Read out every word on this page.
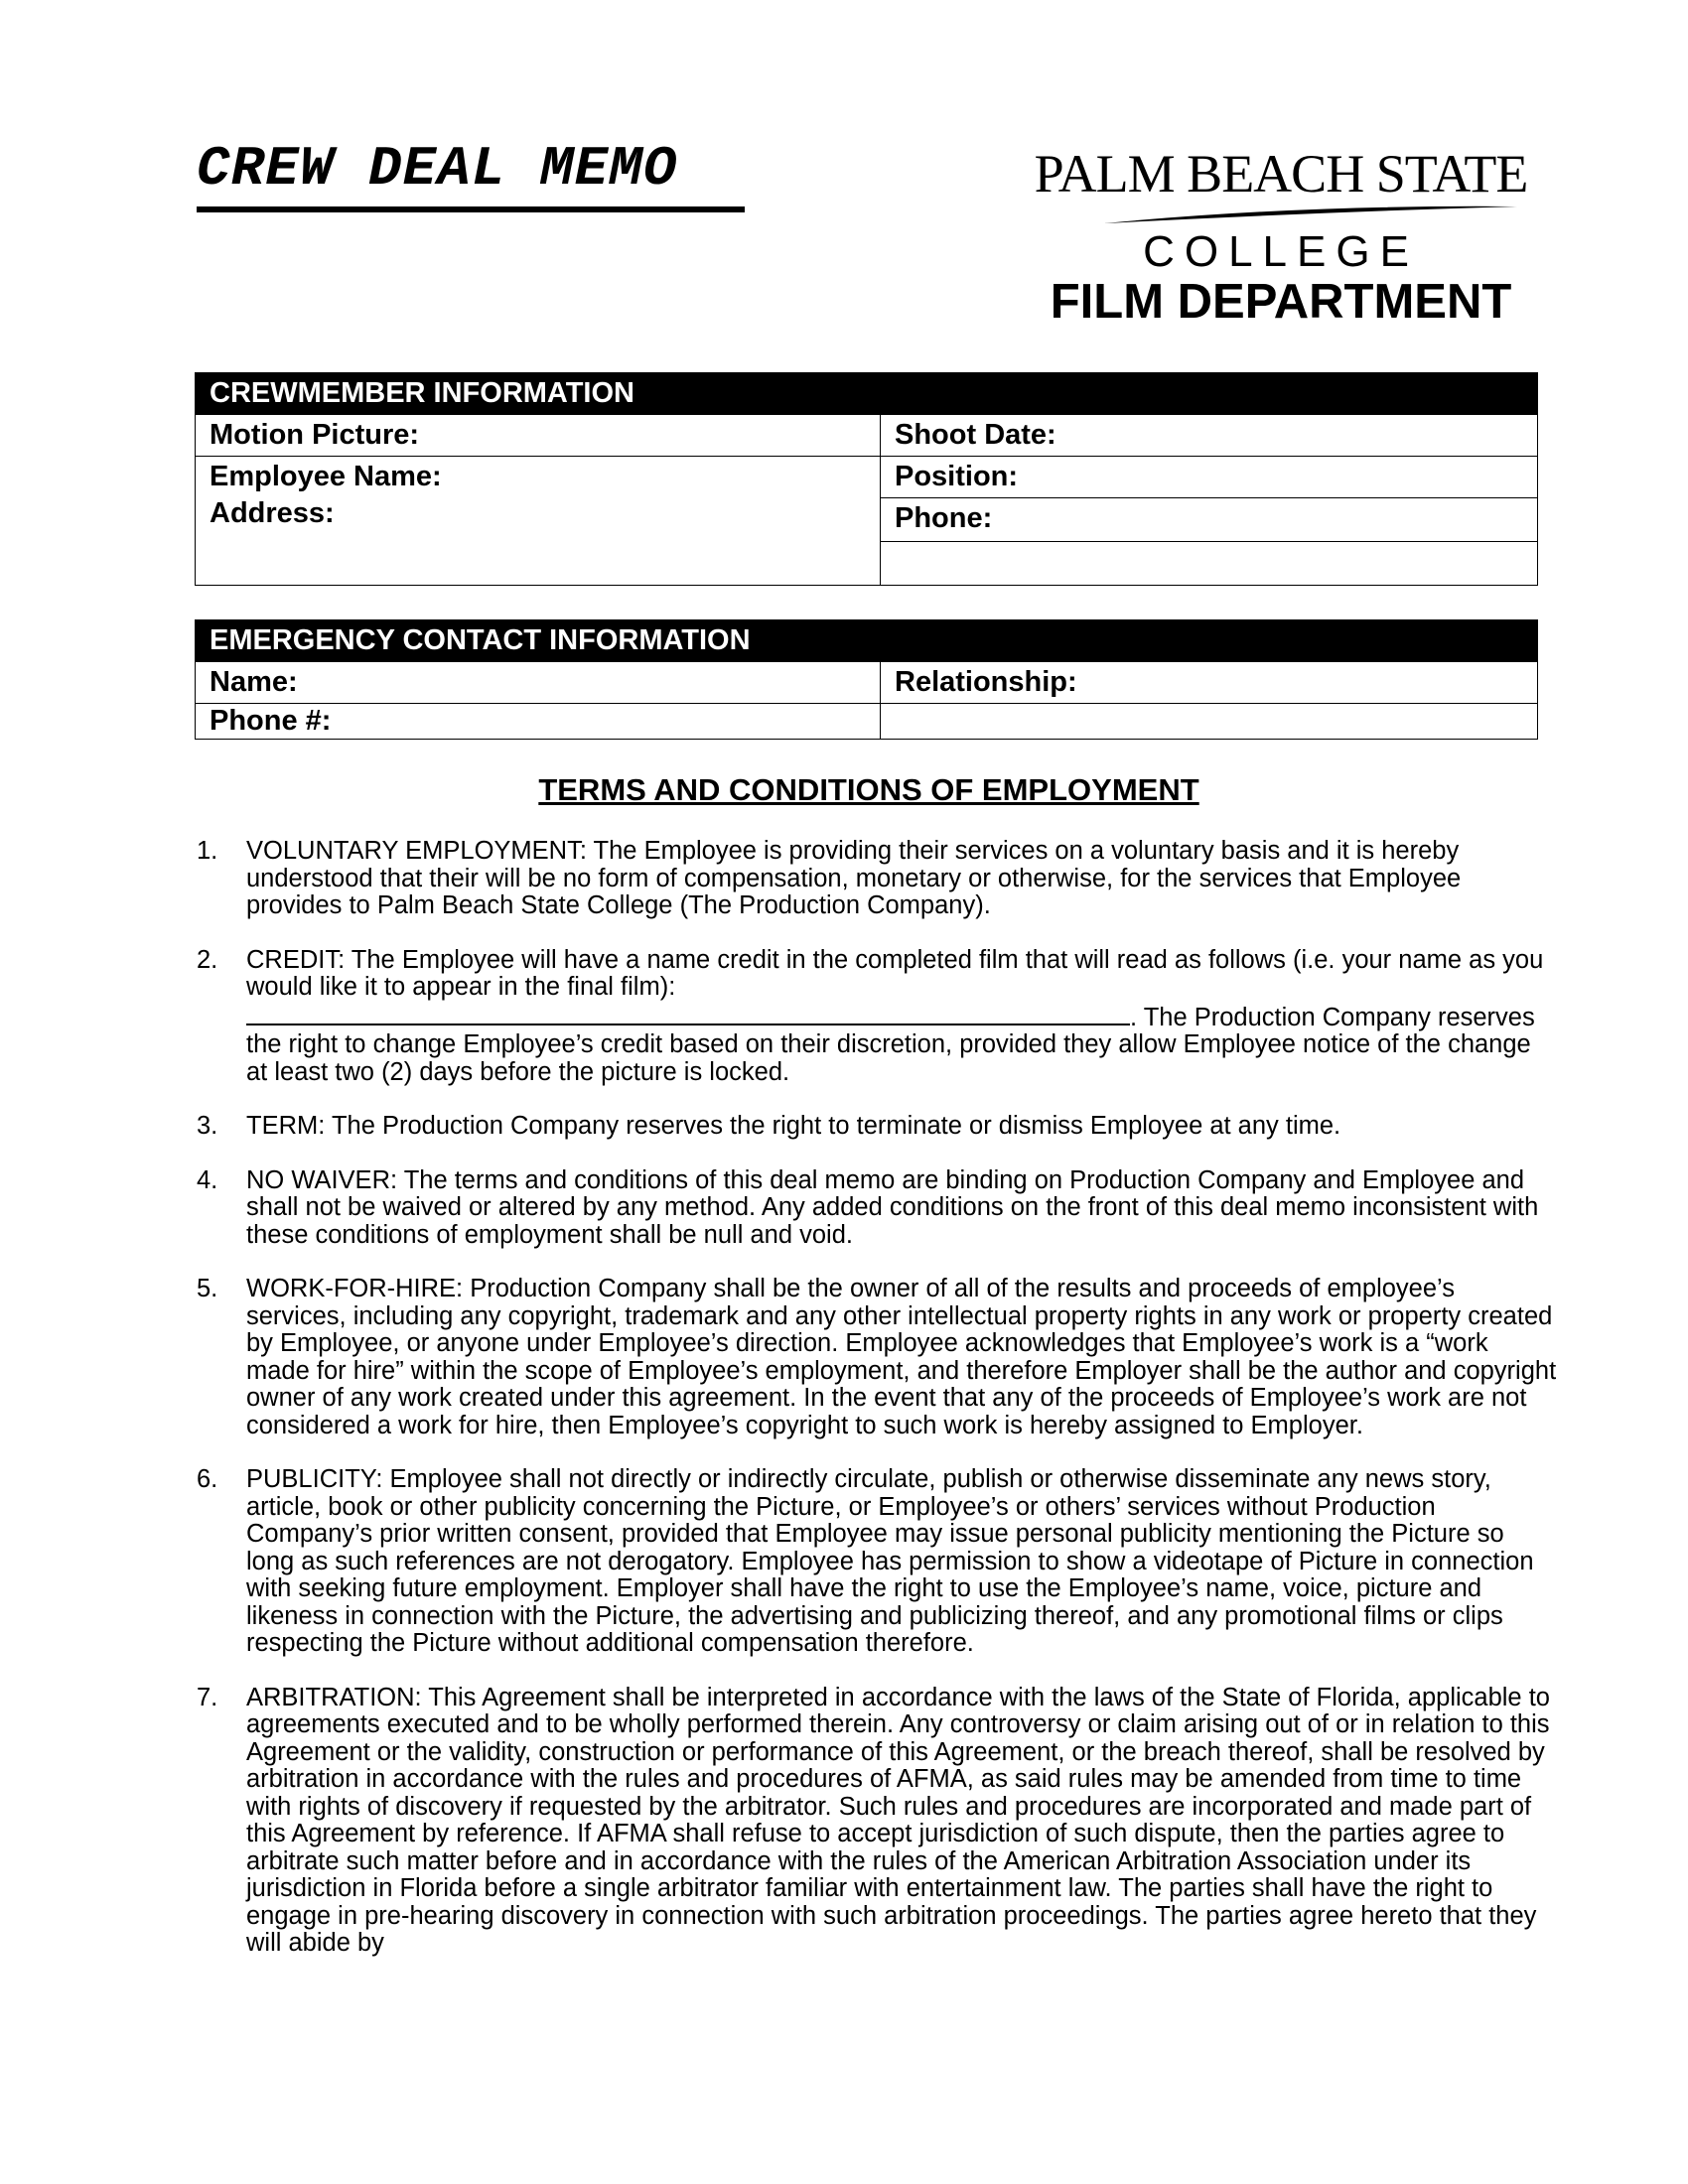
CREW DEAL MEMO	PALM BEACH STATE
COLLEGE
FILM DEPARTMENT
CREWMEMBER INFORMATION	
Motion Picture:	Shoot Date:
Employee Name:	Position:
Address:	Phone:

EMERGENCY CONTACT INFORMATION	
Name:	Relationship:
Phone #:	
TERMS AND CONDITIONS OF EMPLOYMENT
1. VOLUNTARY EMPLOYMENT: The Employee is providing their services on a voluntary basis and it is hereby understood that their will be no form of compensation, monetary or otherwise, for the services that Employee provides to Palm Beach State College (The Production Company).
2. CREDIT: The Employee will have a name credit in the completed film that will read as follows (i.e. your name as you would like it to appear in the final film): . The Production Company reserves the right to change Employee’s credit based on their discretion, provided they allow Employee notice of the change at least two (2) days before the picture is locked.
3. TERM: The Production Company reserves the right to terminate or dismiss Employee at any time.
4. NO WAIVER: The terms and conditions of this deal memo are binding on Production Company and Employee and shall not be waived or altered by any method. Any added conditions on the front of this deal memo inconsistent with these conditions of employment shall be null and void.
5. WORK-FOR-HIRE: Production Company shall be the owner of all of the results and proceeds of employee’s services, including any copyright, trademark and any other intellectual property rights in any work or property created by Employee, or anyone under Employee’s direction. Employee acknowledges that Employee’s work is a “work made for hire” within the scope of Employee’s employment, and therefore Employer shall be the author and copyright owner of any work created under this agreement. In the event that any of the proceeds of Employee’s work are not considered a work for hire, then Employee’s copyright to such work is hereby assigned to Employer.
6. PUBLICITY: Employee shall not directly or indirectly circulate, publish or otherwise disseminate any news story, article, book or other publicity concerning the Picture, or Employee’s or others’ services without Production Company’s prior written consent, provided that Employee may issue personal publicity mentioning the Picture so long as such references are not derogatory. Employee has permission to show a videotape of Picture in connection with seeking future employment. Employer shall have the right to use the Employee’s name, voice, picture and likeness in connection with the Picture, the advertising and publicizing thereof, and any promotional films or clips respecting the Picture without additional compensation therefore.
7. ARBITRATION: This Agreement shall be interpreted in accordance with the laws of the State of Florida, applicable to agreements executed and to be wholly performed therein. Any controversy or claim arising out of or in relation to this Agreement or the validity, construction or performance of this Agreement, or the breach thereof, shall be resolved by arbitration in accordance with the rules and procedures of AFMA, as said rules may be amended from time to time with rights of discovery if requested by the arbitrator. Such rules and procedures are incorporated and made part of this Agreement by reference. If AFMA shall refuse to accept jurisdiction of such dispute, then the parties agree to arbitrate such matter before and in accordance with the rules of the American Arbitration Association under its jurisdiction in Florida before a single arbitrator familiar with entertainment law. The parties shall have the right to engage in pre-hearing discovery in connection with such arbitration proceedings. The parties agree hereto that they will abide by
